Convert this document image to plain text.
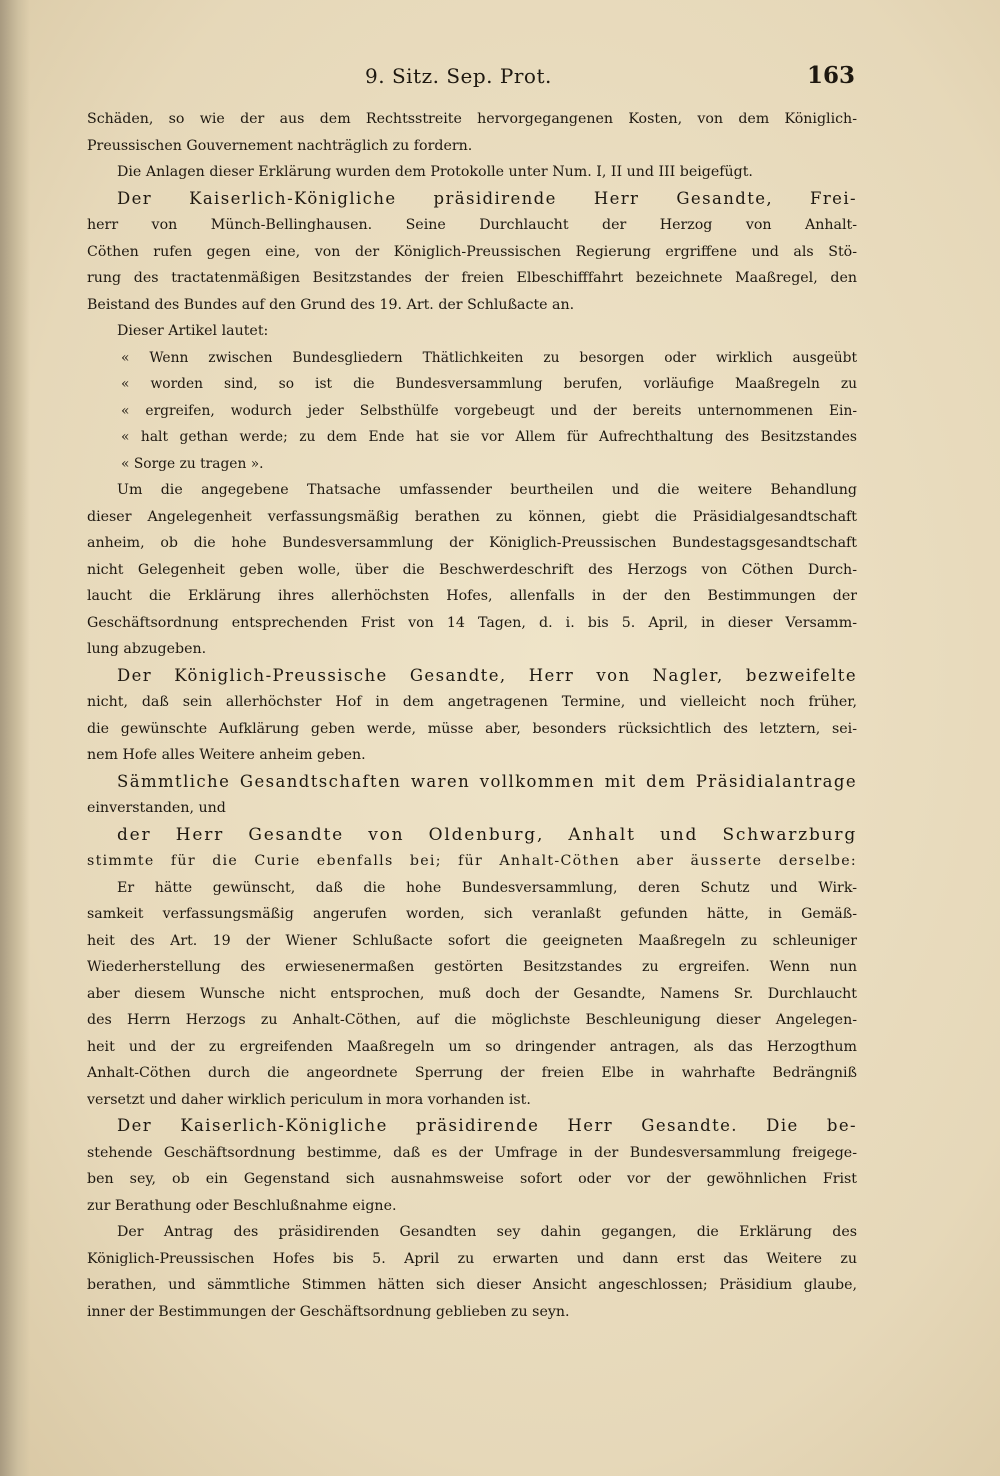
9. Sitz. Sep. Prot.	163
Schäden, so wie der aus dem Rechtsstreite hervorgegangenen Kosten, von dem Königlich-
Preussischen Gouvernement nachträglich zu fordern.
Die Anlagen dieser Erklärung wurden dem Protokolle unter Num. I, II und III beigefügt.
Der Kaiserlich-Königliche präsidirende Herr Gesandte, Frei-
herr von Münch-Bellinghausen. Seine Durchlaucht der Herzog von Anhalt-
Cöthen rufen gegen eine, von der Königlich-Preussischen Regierung ergriffene und als Stö-
rung des tractatenmäßigen Besitzstandes der freien Elbeschifffahrt bezeichnete Maaßregel, den
Beistand des Bundes auf den Grund des 19. Art. der Schlußacte an.
Dieser Artikel lautet:
« Wenn zwischen Bundesgliedern Thätlichkeiten zu besorgen oder wirklich ausgeübt
« worden sind, so ist die Bundesversammlung berufen, vorläufige Maaßregeln zu
« ergreifen, wodurch jeder Selbsthülfe vorgebeugt und der bereits unternommenen Ein-
« halt gethan werde; zu dem Ende hat sie vor Allem für Aufrechthaltung des Besitzstandes
« Sorge zu tragen ».
Um die angegebene Thatsache umfassender beurtheilen und die weitere Behandlung
dieser Angelegenheit verfassungsmäßig berathen zu können, giebt die Präsidialgesandtschaft
anheim, ob die hohe Bundesversammlung der Königlich-Preussischen Bundestagsgesandtschaft
nicht Gelegenheit geben wolle, über die Beschwerdeschrift des Herzogs von Cöthen Durch-
laucht die Erklärung ihres allerhöchsten Hofes, allenfalls in der den Bestimmungen der
Geschäftsordnung entsprechenden Frist von 14 Tagen, d. i. bis 5. April, in dieser Versamm-
lung abzugeben.
Der Königlich-Preussische Gesandte, Herr von Nagler, bezweifelte
nicht, daß sein allerhöchster Hof in dem angetragenen Termine, und vielleicht noch früher,
die gewünschte Aufklärung geben werde, müsse aber, besonders rücksichtlich des letztern, sei-
nem Hofe alles Weitere anheim geben.
Sämmtliche Gesandtschaften waren vollkommen mit dem Präsidialantrage
einverstanden, und
der Herr Gesandte von Oldenburg, Anhalt und Schwarzburg
stimmte für die Curie ebenfalls bei; für Anhalt-Cöthen aber äusserte derselbe:
Er hätte gewünscht, daß die hohe Bundesversammlung, deren Schutz und Wirk-
samkeit verfassungsmäßig angerufen worden, sich veranlaßt gefunden hätte, in Gemäß-
heit des Art. 19 der Wiener Schlußacte sofort die geeigneten Maaßregeln zu schleuniger
Wiederherstellung des erwiesenermaßen gestörten Besitzstandes zu ergreifen. Wenn nun
aber diesem Wunsche nicht entsprochen, muß doch der Gesandte, Namens Sr. Durchlaucht
des Herrn Herzogs zu Anhalt-Cöthen, auf die möglichste Beschleunigung dieser Angelegen-
heit und der zu ergreifenden Maaßregeln um so dringender antragen, als das Herzogthum
Anhalt-Cöthen durch die angeordnete Sperrung der freien Elbe in wahrhafte Bedrängniß
versetzt und daher wirklich periculum in mora vorhanden ist.
Der Kaiserlich-Königliche präsidirende Herr Gesandte. Die be-
stehende Geschäftsordnung bestimme, daß es der Umfrage in der Bundesversammlung freigege-
ben sey, ob ein Gegenstand sich ausnahmsweise sofort oder vor der gewöhnlichen Frist
zur Berathung oder Beschlußnahme eigne.
Der Antrag des präsidirenden Gesandten sey dahin gegangen, die Erklärung des
Königlich-Preussischen Hofes bis 5. April zu erwarten und dann erst das Weitere zu
berathen, und sämmtliche Stimmen hätten sich dieser Ansicht angeschlossen; Präsidium glaube,
inner der Bestimmungen der Geschäftsordnung geblieben zu seyn.
